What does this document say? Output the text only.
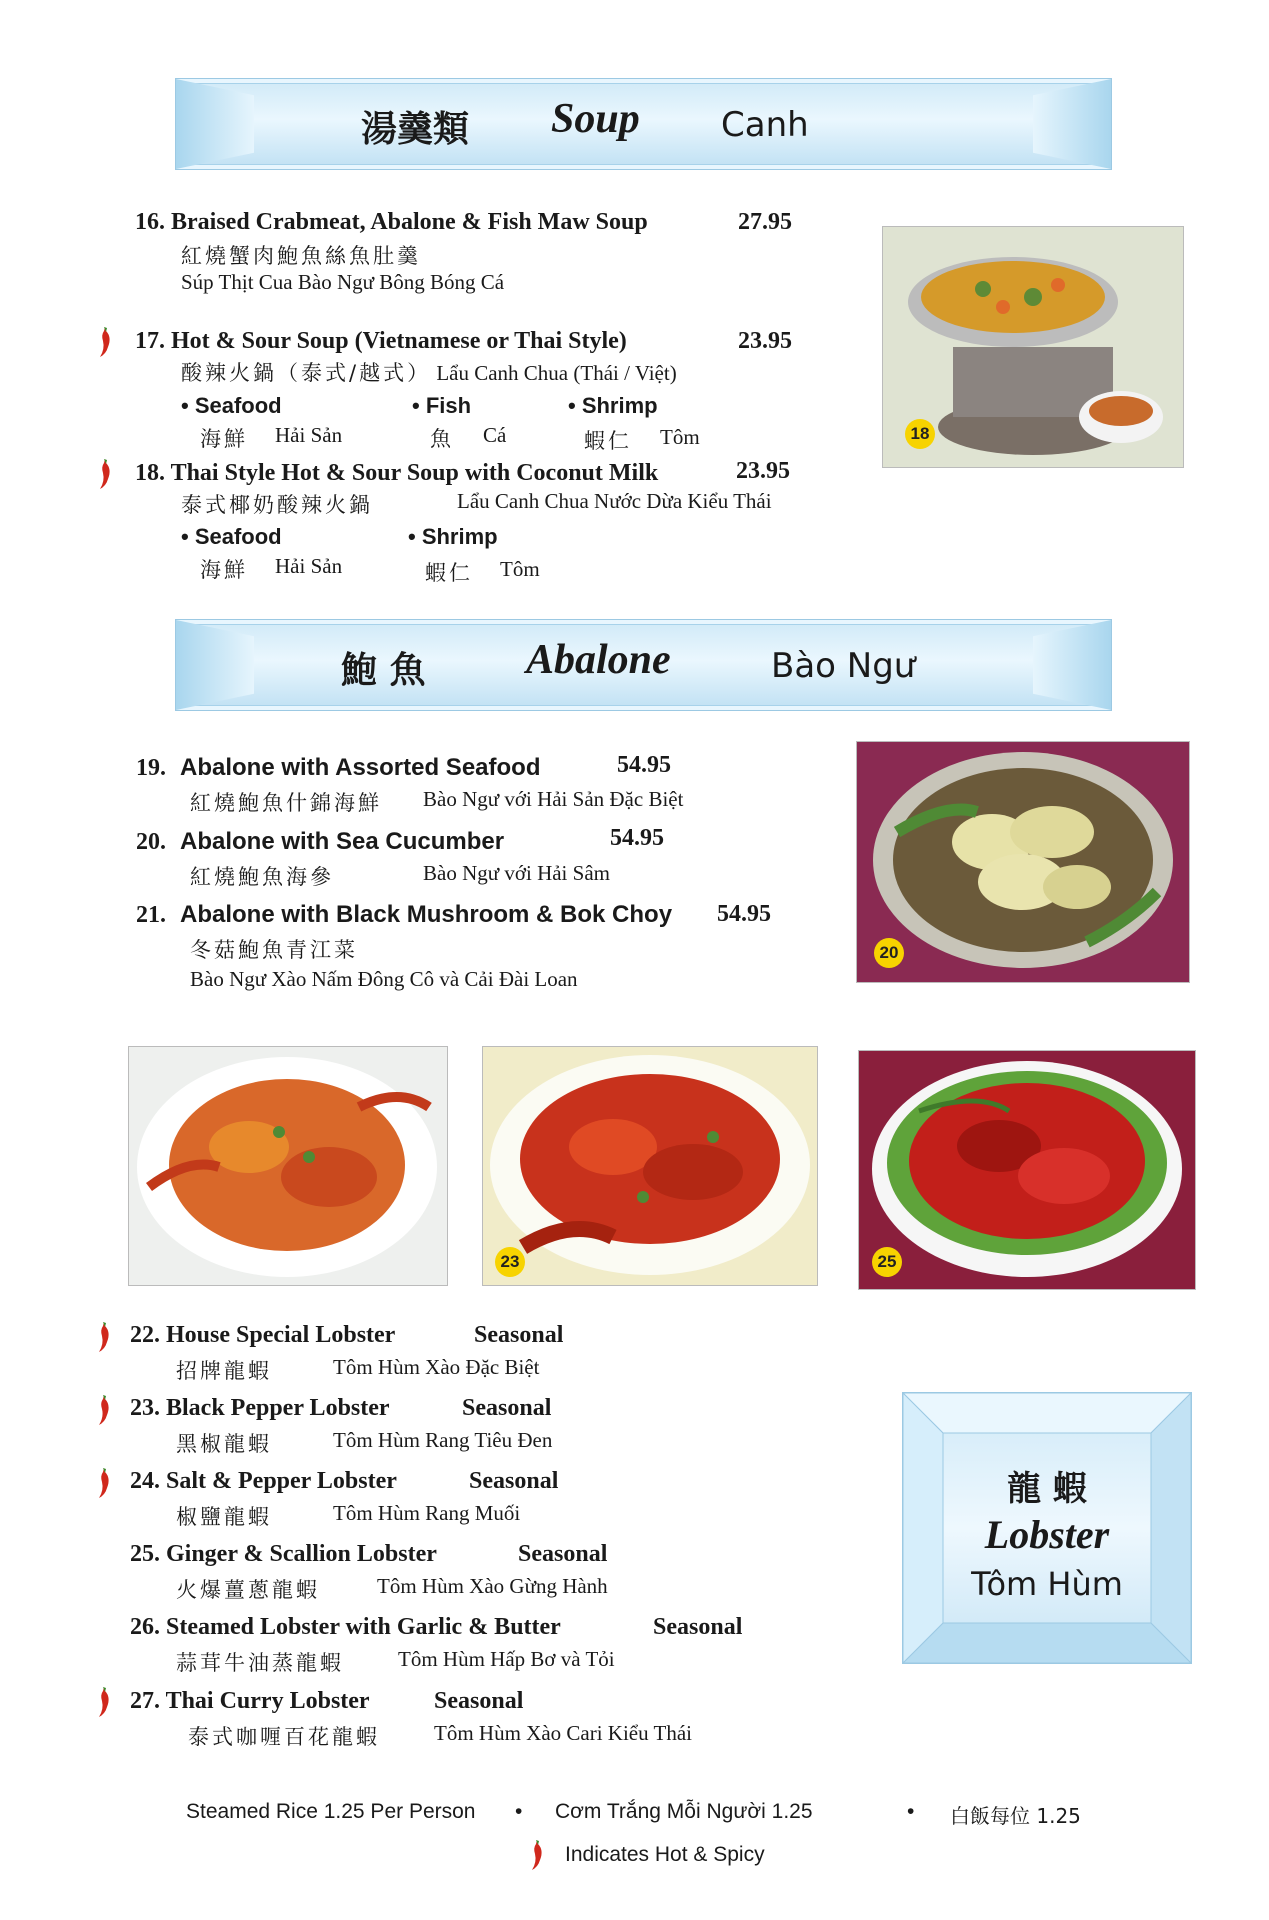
湯羹類 Soup Canh
16. Braised Crabmeat, Abalone & Fish Maw Soup	27.95
紅燒蟹肉鮑魚絲魚肚羹
Súp Thịt Cua Bào Ngư Bông Bóng Cá
17. Hot & Sour Soup (Vietnamese or Thai Style)	23.95
酸辣火鍋（泰式/越式） Lẩu Canh Chua (Thái / Việt)
• Seafood
海鮮 Hải Sản
• Fish
魚 Cá
• Shrimp
蝦仁 Tôm
18. Thai Style Hot & Sour Soup with Coconut Milk	23.95
泰式椰奶酸辣火鍋	Lẩu Canh Chua Nước Dừa Kiểu Thái
• Seafood
海鮮 Hải Sản
• Shrimp
蝦仁 Tôm
18
鮑 魚 Abalone	Bào Ngư
19. Abalone with Assorted Seafood	54.95
紅燒鮑魚什錦海鮮 Bào Ngư với Hải Sản Đặc Biệt
20. Abalone with Sea Cucumber	54.95
紅燒鮑魚海參	Bào Ngư với Hải Sâm
21. Abalone with Black Mushroom & Bok Choy 54.95
冬菇鮑魚青江菜
Bào Ngư Xào Nấm Đông Cô và Cải Đài Loan
20
23	25
22. House Special Lobster	Seasonal
招牌龍蝦	Tôm Hùm Xào Đặc Biệt
23. Black Pepper Lobster	Seasonal
黑椒龍蝦	Tôm Hùm Rang Tiêu Đen
24. Salt & Pepper Lobster	Seasonal
椒鹽龍蝦	Tôm Hùm Rang Muối
25. Ginger & Scallion Lobster	Seasonal
火爆薑蔥龍蝦	Tôm Hùm Xào Gừng Hành
26. Steamed Lobster with Garlic & Butter	Seasonal
蒜茸牛油蒸龍蝦	Tôm Hùm Hấp Bơ và Tỏi
27. Thai Curry Lobster	Seasonal
泰式咖喱百花龍蝦	Tôm Hùm Xào Cari Kiểu Thái
龍 蝦
Lobster
Tôm Hùm
Steamed Rice 1.25 Per Person • Cơm Trắng Mỗi Người 1.25	• 白飯每位 1.25
Indicates Hot & Spicy
